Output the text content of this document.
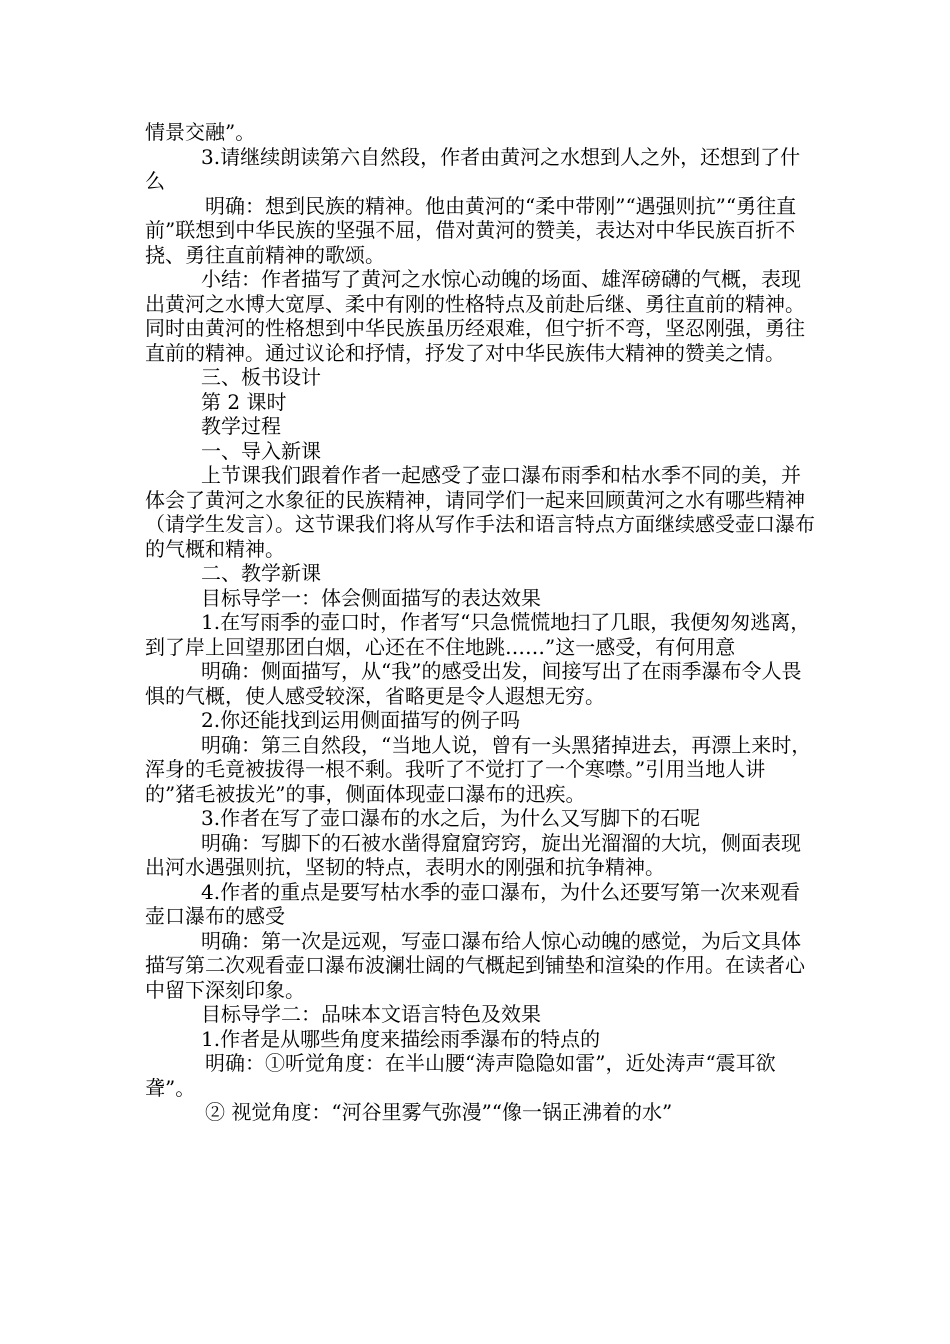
情景交融”。

3.请继续朗读第六自然段，作者由黄河之水想到人之外，还想到了什么

明确：想到民族的精神。他由黄河的“柔中带刚”“遇强则抗”“勇往直前”联想到中华民族的坚强不屈，借对黄河的赞美，表达对中华民族百折不挠、勇往直前精神的歌颂。

小结：作者描写了黄河之水惊心动魄的场面、雄浑磅礴的气概，表现出黄河之水博大宽厚、柔中有刚的性格特点及前赴后继、勇往直前的精神。同时由黄河的性格想到中华民族虽历经艰难，但宁折不弯，坚忍刚强，勇往直前的精神。通过议论和抒情，抒发了对中华民族伟大精神的赞美之情。

三、板书设计

第 2 课时

教学过程

一、导入新课

上节课我们跟着作者一起感受了壶口瀑布雨季和枯水季不同的美，并体会了黄河之水象征的民族精神，请同学们一起来回顾黄河之水有哪些精神（请学生发言）。这节课我们将从写作手法和语言特点方面继续感受壶口瀑布的气概和精神。

二、教学新课

目标导学一：体会侧面描写的表达效果

1.在写雨季的壶口时，作者写“只急慌慌地扫了几眼，我便匆匆逃离，到了岸上回望那团白烟，心还在不住地跳……”这一感受，有何用意

明确：侧面描写，从“我”的感受出发，间接写出了在雨季瀑布令人畏惧的气概，使人感受较深，省略更是令人遐想无穷。

2.你还能找到运用侧面描写的例子吗

明确：第三自然段，“当地人说，曾有一头黑猪掉进去，再漂上来时，浑身的毛竟被拔得一根不剩。我听了不觉打了一个寒噤。”引用当地人讲的”猪毛被拔光”的事，侧面体现壶口瀑布的迅疾。

3.作者在写了壶口瀑布的水之后，为什么又写脚下的石呢

明确：写脚下的石被水凿得窟窟窍窍，旋出光溜溜的大坑，侧面表现出河水遇强则抗，坚韧的特点，表明水的刚强和抗争精神。

4.作者的重点是要写枯水季的壶口瀑布，为什么还要写第一次来观看壶口瀑布的感受

明确：第一次是远观，写壶口瀑布给人惊心动魄的感觉，为后文具体描写第二次观看壶口瀑布波澜壮阔的气概起到铺垫和渲染的作用。在读者心中留下深刻印象。

目标导学二：品味本文语言特色及效果

1.作者是从哪些角度来描绘雨季瀑布的特点的

明确：①听觉角度：在半山腰“涛声隐隐如雷”，近处涛声“震耳欲聋”。

② 视觉角度：“河谷里雾气弥漫”“像一锅正沸着的水”
